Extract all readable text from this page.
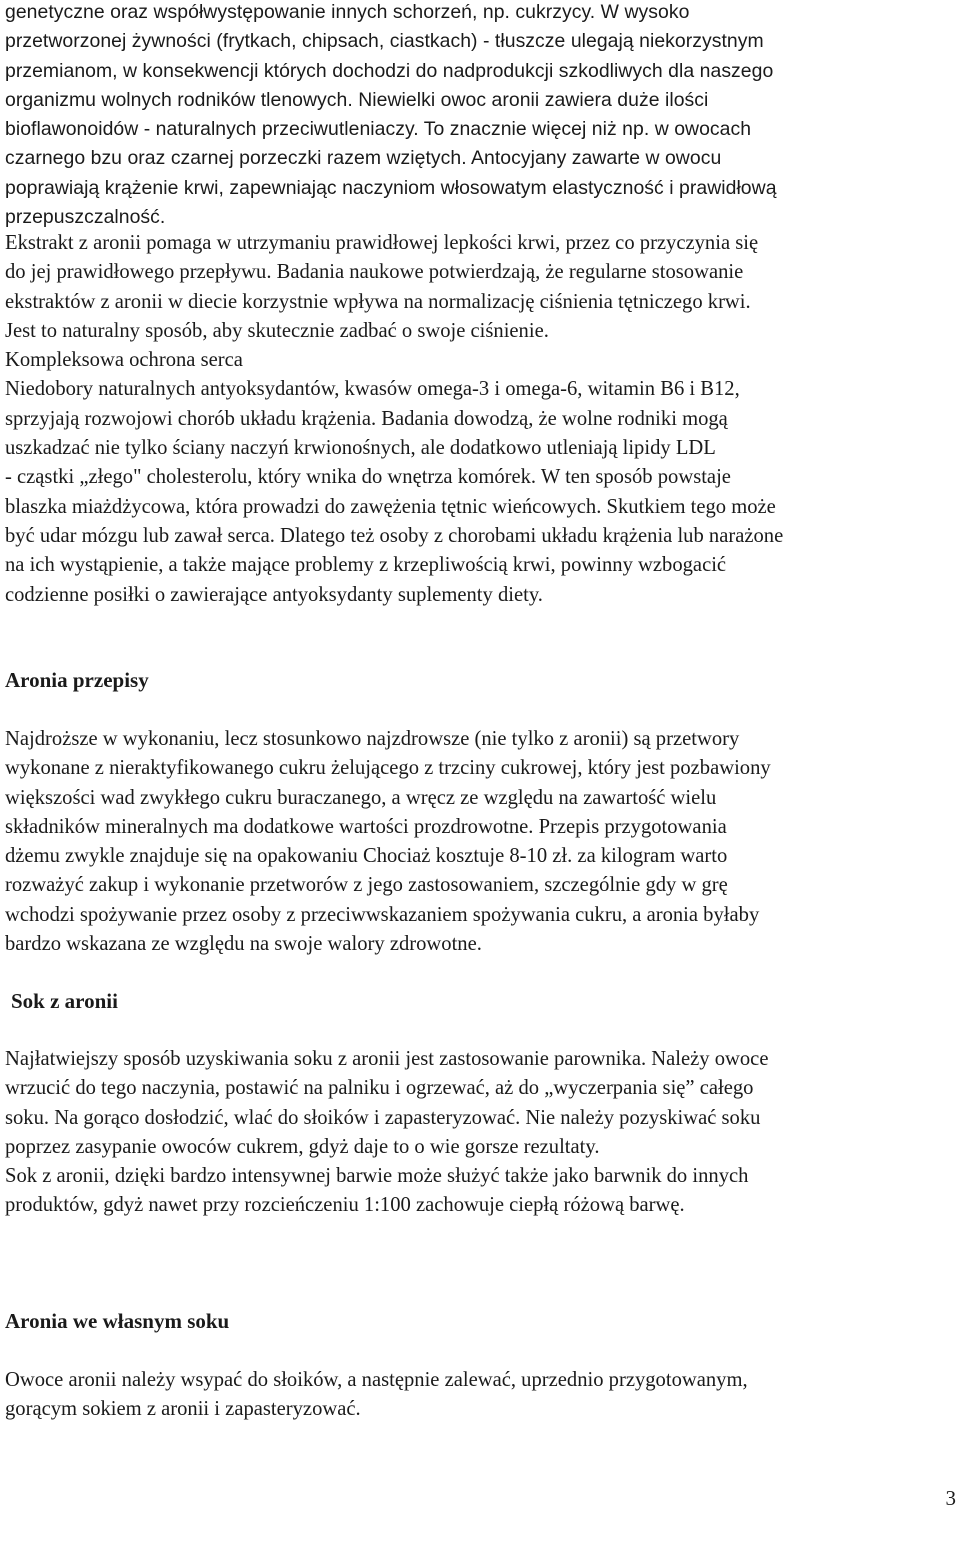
genetyczne oraz współwystępowanie innych schorzeń, np. cukrzycy. W wysoko
przetworzonej żywności (frytkach, chipsach, ciastkach) - tłuszcze ulegają niekorzystnym
przemianom, w konsekwencji których dochodzi do nadprodukcji szkodliwych dla naszego
organizmu wolnych rodników tlenowych. Niewielki owoc aronii zawiera duże ilości
bioflawonoidów - naturalnych przeciwutleniaczy. To znacznie więcej niż np. w owocach
czarnego bzu oraz czarnej porzeczki razem wziętych. Antocyjany zawarte w owocu
poprawiają krążenie krwi, zapewniając naczyniom włosowatym elastyczność i prawidłową
przepuszczalność.
Ekstrakt z aronii pomaga w utrzymaniu prawidłowej lepkości krwi, przez co przyczynia się
do jej prawidłowego przepływu. Badania naukowe potwierdzają, że regularne stosowanie
ekstraktów z aronii w diecie korzystnie wpływa na normalizację ciśnienia tętniczego krwi.
Jest to naturalny sposób, aby skutecznie zadbać o swoje ciśnienie.
Kompleksowa ochrona serca
Niedobory naturalnych antyoksydantów, kwasów omega-3 i omega-6, witamin B6 i B12,
sprzyjają rozwojowi chorób układu krążenia. Badania dowodzą, że wolne rodniki mogą
uszkadzać nie tylko ściany naczyń krwionośnych, ale dodatkowo utleniają lipidy LDL
- cząstki „złego" cholesterolu, który wnika do wnętrza komórek. W ten sposób powstaje
blaszka miażdżycowa, która prowadzi do zawężenia tętnic wieńcowych. Skutkiem tego może
być udar mózgu lub zawał serca. Dlatego też osoby z chorobami układu krążenia lub narażone
na ich wystąpienie, a także mające problemy z krzepliwością krwi, powinny wzbogacić
codzienne posiłki o zawierające antyoksydanty suplementy diety.
Aronia przepisy
Najdroższe w wykonaniu, lecz stosunkowo najzdrowsze (nie tylko z aronii) są przetwory
wykonane z nieraktyfikowanego cukru żelującego z trzciny cukrowej, który jest pozbawiony
większości wad zwykłego cukru buraczanego, a wręcz ze względu na zawartość wielu
składników mineralnych ma dodatkowe wartości prozdrowotne. Przepis przygotowania
dżemu zwykle znajduje się na opakowaniu Chociaż kosztuje 8-10 zł. za kilogram warto
rozważyć zakup i wykonanie przetworów z jego zastosowaniem, szczególnie gdy w grę
wchodzi spożywanie przez osoby z przeciwwskazaniem spożywania cukru, a aronia byłaby
bardzo wskazana ze względu na swoje walory zdrowotne.
Sok z aronii
Najłatwiejszy sposób uzyskiwania soku z aronii jest zastosowanie parownika. Należy owoce
wrzucić do tego naczynia, postawić na palniku i ogrzewać, aż do „wyczerpania się” całego
soku. Na gorąco dosłodzić, wlać do słoików i zapasteryzować. Nie należy pozyskiwać soku
poprzez zasypanie owoców cukrem, gdyż daje to o wie gorsze rezultaty.
Sok z aronii, dzięki bardzo intensywnej barwie może służyć także jako barwnik do innych
produktów, gdyż nawet przy rozcieńczeniu 1:100 zachowuje ciepłą różową barwę.
Aronia we własnym soku
Owoce aronii należy wsypać do słoików, a następnie zalewać, uprzednio przygotowanym,
gorącym sokiem z aronii i zapasteryzować.
3
